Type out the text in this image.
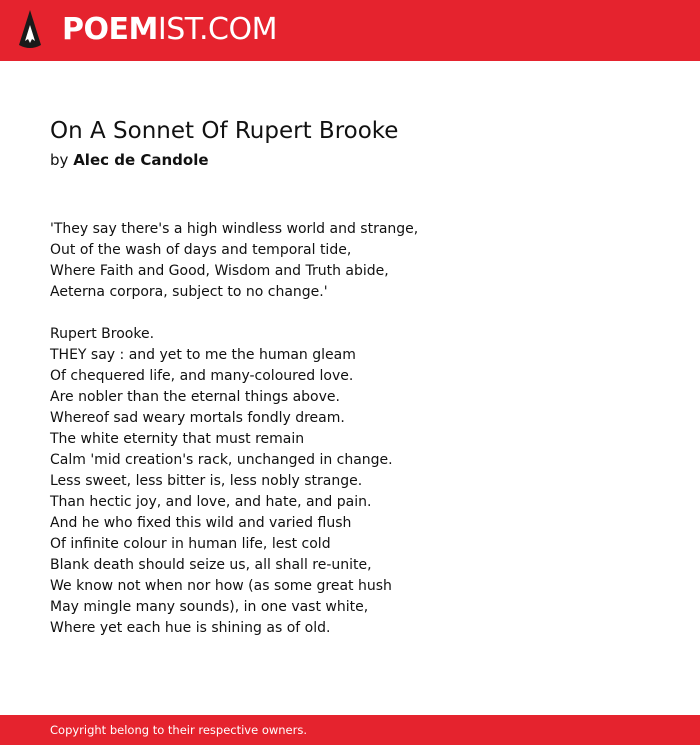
POEMIST.COM
On A Sonnet Of Rupert Brooke

by Alec de Candole

'They say there's a high windless world and strange,
Out of the wash of days and temporal tide,
Where Faith and Good, Wisdom and Truth abide,
Aeterna corpora, subject to no change.'
Rupert Brooke.
THEY say : and yet to me the human gleam
Of chequered life, and many-coloured love.
Are nobler than the eternal things above.
Whereof sad weary mortals fondly dream.
The white eternity that must remain
Calm 'mid creation's rack, unchanged in change.
Less sweet, less bitter is, less nobly strange.
Than hectic joy, and love, and hate, and pain.
And he who fixed this wild and varied flush
Of infinite colour in human life, lest cold
Blank death should seize us, all shall re-unite,
We know not when nor how (as some great hush
May mingle many sounds), in one vast white,
Where yet each hue is shining as of old.
Copyright belong to their respective owners.
